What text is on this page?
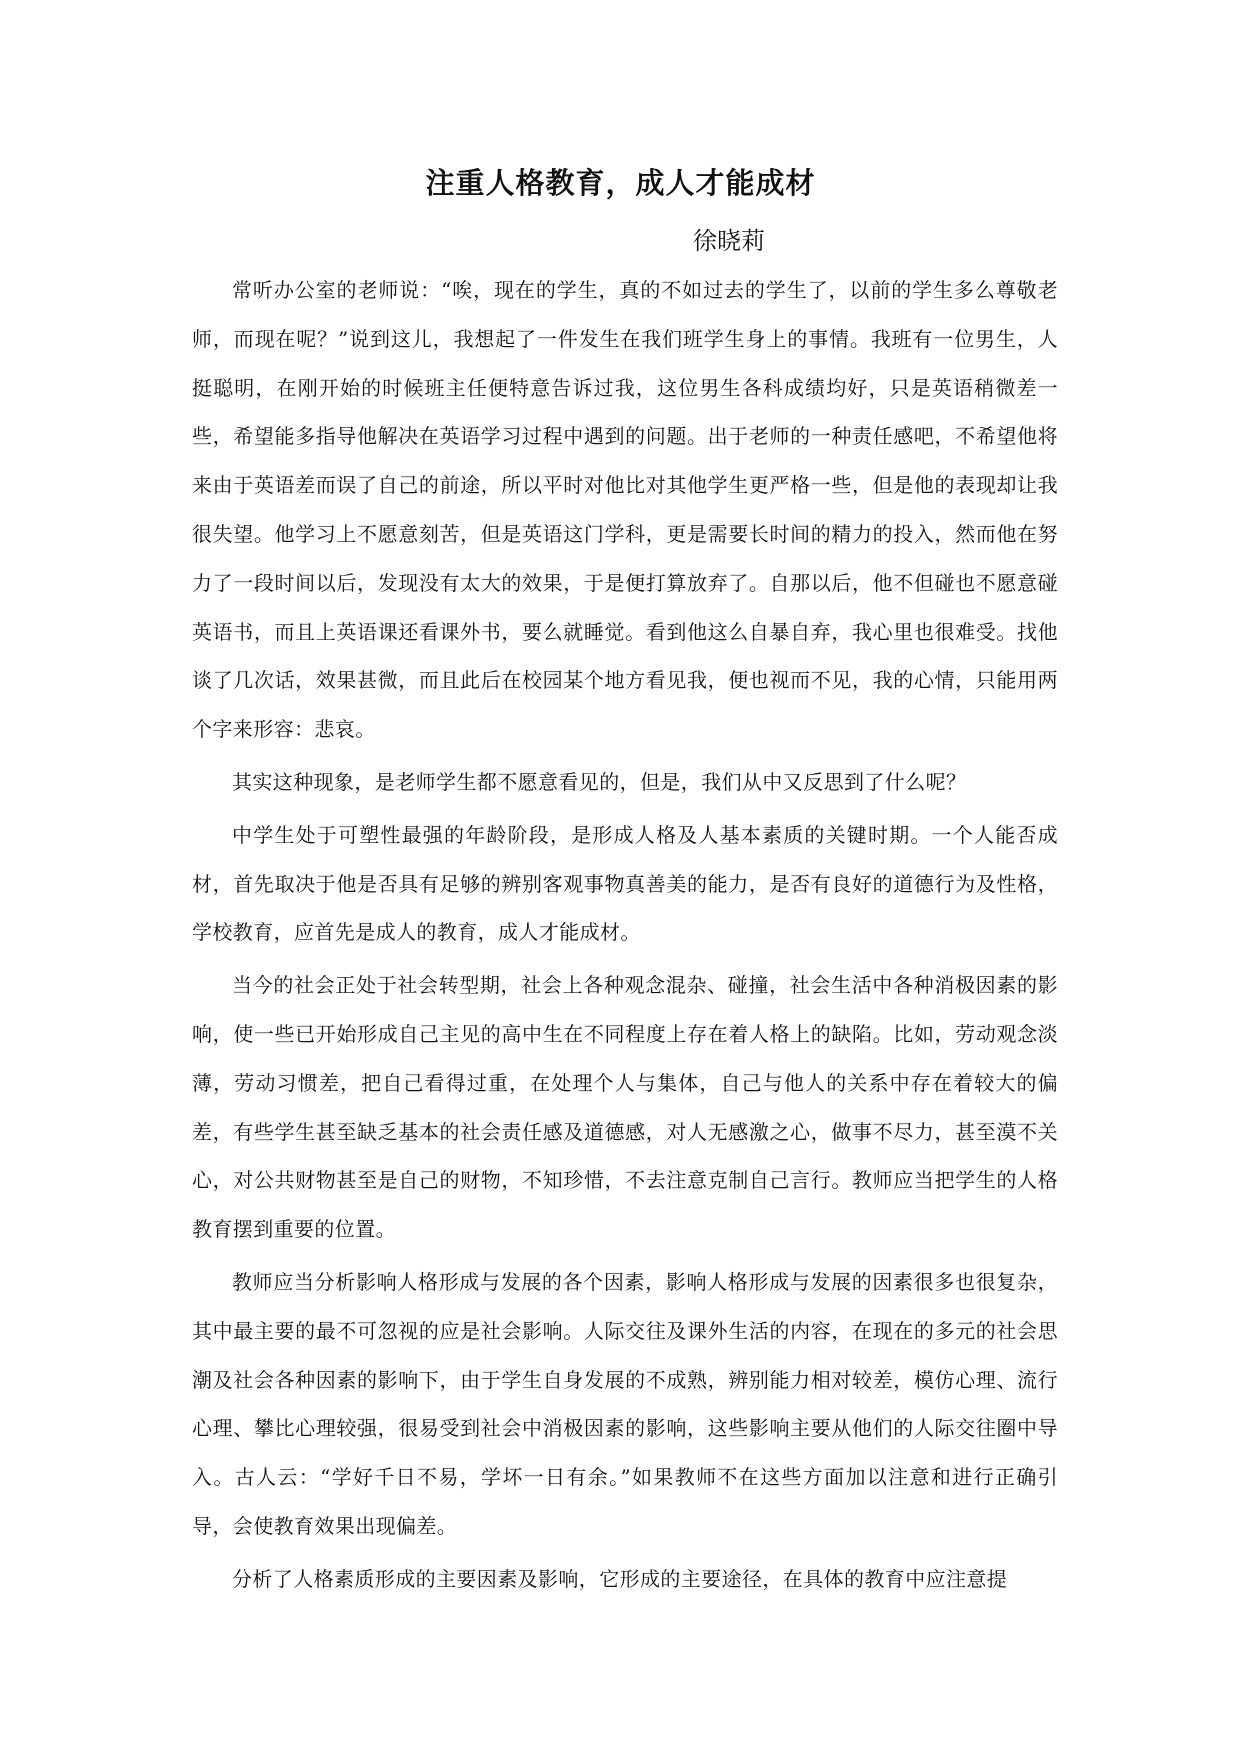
注重人格教育，成人才能成材
徐晓莉

常听办公室的老师说：“唉，现在的学生，真的不如过去的学生了，以前的学生多么尊敬老师，而现在呢？”说到这儿，我想起了一件发生在我们班学生身上的事情。我班有一位男生，人挺聪明，在刚开始的时候班主任便特意告诉过我，这位男生各科成绩均好，只是英语稍微差一些，希望能多指导他解决在英语学习过程中遇到的问题。出于老师的一种责任感吧，不希望他将来由于英语差而误了自己的前途，所以平时对他比对其他学生更严格一些，但是他的表现却让我很失望。他学习上不愿意刻苦，但是英语这门学科，更是需要长时间的精力的投入，然而他在努力了一段时间以后，发现没有太大的效果，于是便打算放弃了。自那以后，他不但碰也不愿意碰英语书，而且上英语课还看课外书，要么就睡觉。看到他这么自暴自弃，我心里也很难受。找他谈了几次话，效果甚微，而且此后在校园某个地方看见我，便也视而不见，我的心情，只能用两个字来形容：悲哀。

其实这种现象，是老师学生都不愿意看见的，但是，我们从中又反思到了什么呢？

中学生处于可塑性最强的年龄阶段，是形成人格及人基本素质的关键时期。一个人能否成材，首先取决于他是否具有足够的辨别客观事物真善美的能力，是否有良好的道德行为及性格，学校教育，应首先是成人的教育，成人才能成材。

当今的社会正处于社会转型期，社会上各种观念混杂、碰撞，社会生活中各种消极因素的影响，使一些已开始形成自己主见的高中生在不同程度上存在着人格上的缺陷。比如，劳动观念淡薄，劳动习惯差，把自己看得过重，在处理个人与集体，自己与他人的关系中存在着较大的偏差，有些学生甚至缺乏基本的社会责任感及道德感，对人无感激之心，做事不尽力，甚至漠不关心，对公共财物甚至是自己的财物，不知珍惜，不去注意克制自己言行。教师应当把学生的人格教育摆到重要的位置。

教师应当分析影响人格形成与发展的各个因素，影响人格形成与发展的因素很多也很复杂，其中最主要的最不可忽视的应是社会影响。人际交往及课外生活的内容，在现在的多元的社会思潮及社会各种因素的影响下，由于学生自身发展的不成熟，辨别能力相对较差，模仿心理、流行心理、攀比心理较强，很易受到社会中消极因素的影响，这些影响主要从他们的人际交往圈中导入。古人云：“学好千日不易，学坏一日有余。”如果教师不在这些方面加以注意和进行正确引导，会使教育效果出现偏差。

分析了人格素质形成的主要因素及影响，它形成的主要途径，在具体的教育中应注意提
